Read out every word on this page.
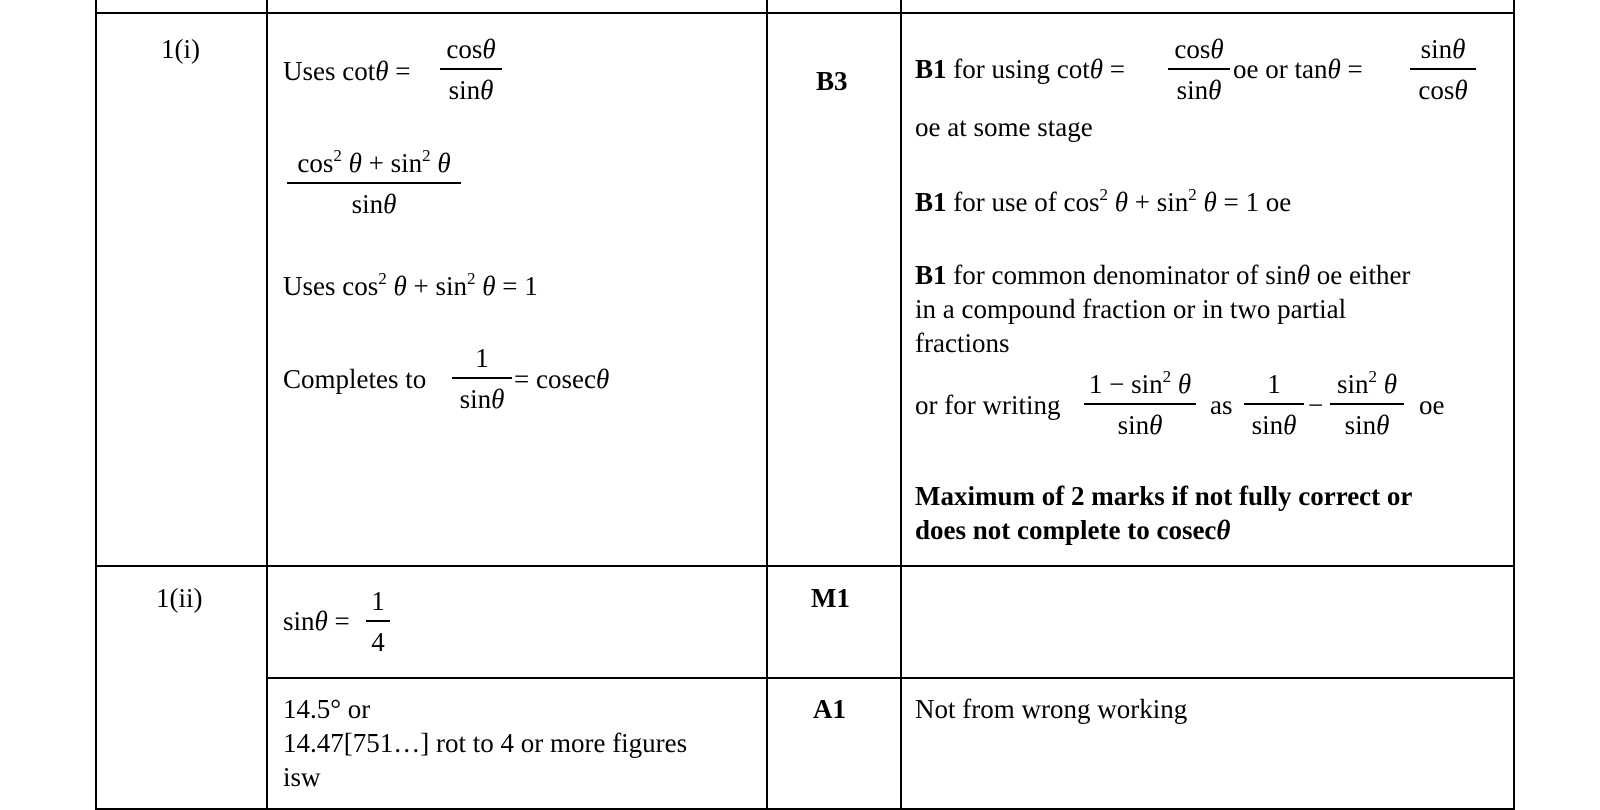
1(i)
Uses cotθ =
cosθ
sinθ
$\cos^2 \theta + \sin^2 \theta$
sinθ
Uses $\cos^2 \theta + \sin^2 \theta = 1$
Completes to
1
sinθ
= cosecθ
B3 B1 for using cotθ =
cosθ
sinθ
oe or tanθ =
sinθ
cosθ
oe at some stage
B1 for use of $\cos^2 \theta + \sin^2 \theta = 1$ oe
B1 for common denominator of sinθ oe either
in a compound fraction or in two partial
fractions
or for writing
$1 - \sin^2 \theta$
sinθ
as
1
sinθ
−
$\sin^2 \theta$
sinθ
oe
Maximum of 2 marks if not fully correct or
does not complete to cosecθ
1(ii)
sinθ =
1
4
M1
14.5° or
14.47[751…] rot to 4 or more figures
isw
A1	Not from wrong working
